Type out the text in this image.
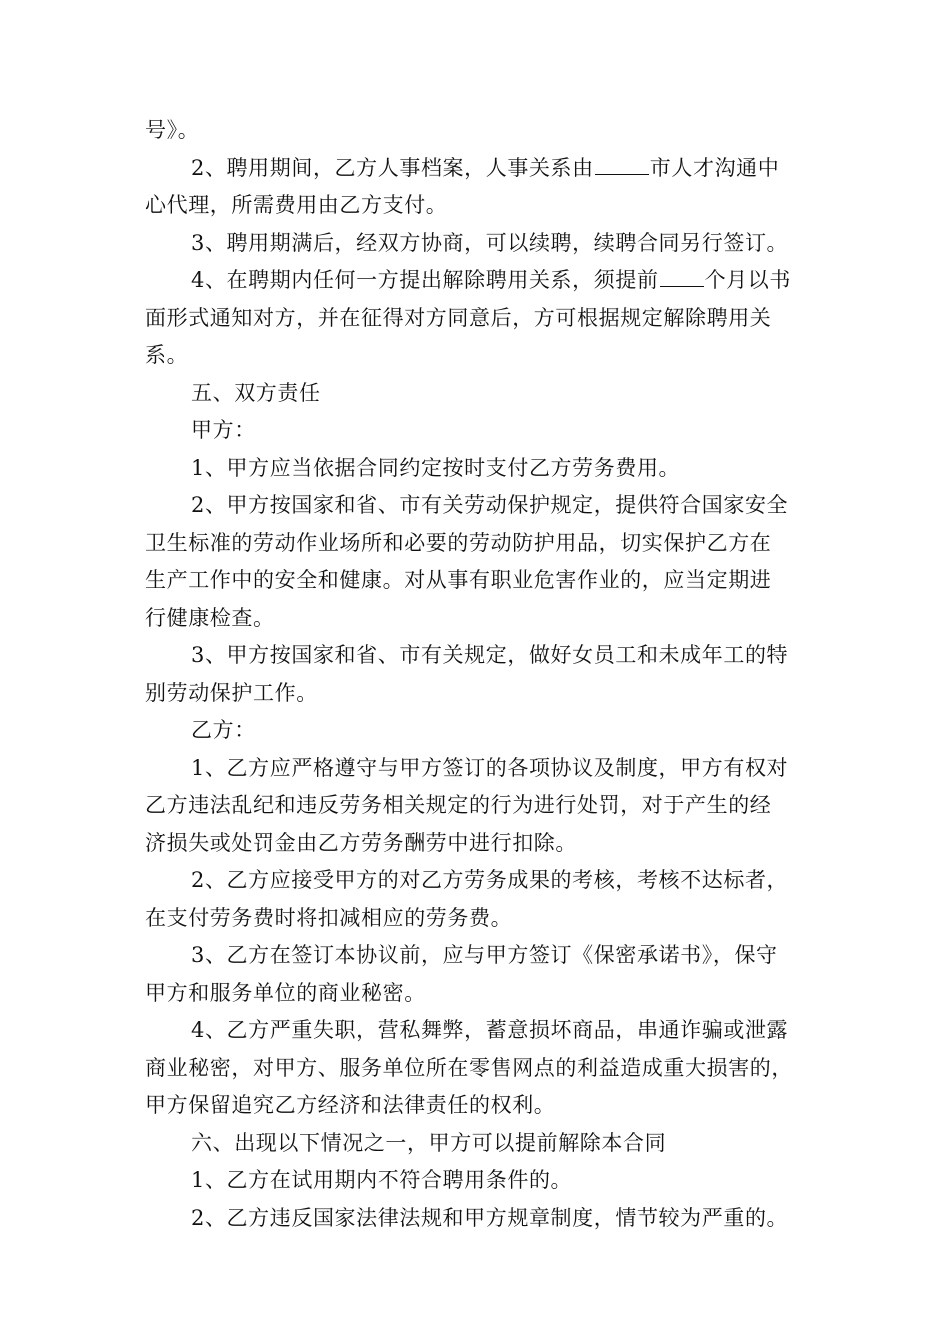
号》。
2、聘用期间，乙方人事档案，人事关系由	市人才沟通中
心代理，所需费用由乙方支付。
3、聘用期满后，经双方协商，可以续聘，续聘合同另行签订。
4、在聘期内任何一方提出解除聘用关系，须提前 个月以书
面形式通知对方，并在征得对方同意后，方可根据规定解除聘用关
系。
五、双方责任
甲方：
1、甲方应当依据合同约定按时支付乙方劳务费用。
2、甲方按国家和省、市有关劳动保护规定，提供符合国家安全
卫生标准的劳动作业场所和必要的劳动防护用品，切实保护乙方在
生产工作中的安全和健康。对从事有职业危害作业的，应当定期进
行健康检查。
3、甲方按国家和省、市有关规定，做好女员工和未成年工的特
别劳动保护工作。
乙方：
1、乙方应严格遵守与甲方签订的各项协议及制度，甲方有权对
乙方违法乱纪和违反劳务相关规定的行为进行处罚，对于产生的经
济损失或处罚金由乙方劳务酬劳中进行扣除。
2、乙方应接受甲方的对乙方劳务成果的考核，考核不达标者，
在支付劳务费时将扣减相应的劳务费。
3、乙方在签订本协议前，应与甲方签订《保密承诺书》，保守
甲方和服务单位的商业秘密。
4、乙方严重失职，营私舞弊，蓄意损坏商品，串通诈骗或泄露
商业秘密，对甲方、服务单位所在零售网点的利益造成重大损害的，
甲方保留追究乙方经济和法律责任的权利。
六、出现以下情况之一，甲方可以提前解除本合同
1、乙方在试用期内不符合聘用条件的。
2、乙方违反国家法律法规和甲方规章制度，情节较为严重的。
